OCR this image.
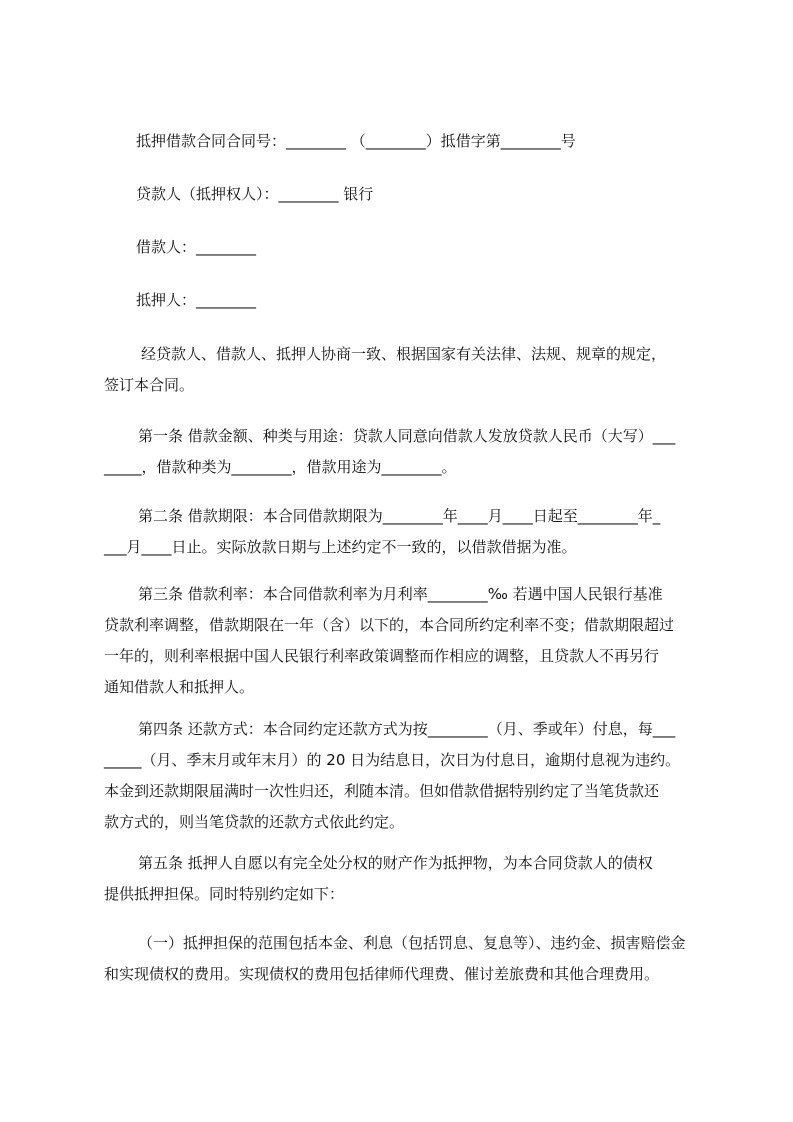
抵押借款合同合同号：________ （________）抵借字第________号
贷款人（抵押权人）：________ 银行
借款人：________
抵押人：________
经贷款人、借款人、抵押人协商一致、根据国家有关法律、法规、规章的规定，
签订本合同。
第一条 借款金额、种类与用途：贷款人同意向借款人发放贷款人民币（大写）___
_____，借款种类为________，借款用途为________。
第二条 借款期限：本合同借款期限为________年____月____日起至________年_
___月____日止。实际放款日期与上述约定不一致的，以借款借据为准。
第三条 借款利率：本合同借款利率为月利率________‰ 若遇中国人民银行基准
贷款利率调整，借款期限在一年（含）以下的，本合同所约定利率不变；借款期限超过
一年的，则利率根据中国人民银行利率政策调整而作相应的调整，且贷款人不再另行
通知借款人和抵押人。
第四条 还款方式：本合同约定还款方式为按________（月、季或年）付息，每___
_____（月、季末月或年末月）的 20 日为结息日，次日为付息日，逾期付息视为违约。
本金到还款期限届满时一次性归还，利随本清。但如借款借据特别约定了当笔货款还
款方式的，则当笔贷款的还款方式依此约定。
第五条 抵押人自愿以有完全处分权的财产作为抵押物，为本合同贷款人的债权
提供抵押担保。同时特别约定如下：
（一）抵押担保的范围包括本金、利息（包括罚息、复息等）、违约金、损害赔偿金
和实现债权的费用。实现债权的费用包括律师代理费、催讨差旅费和其他合理费用。
